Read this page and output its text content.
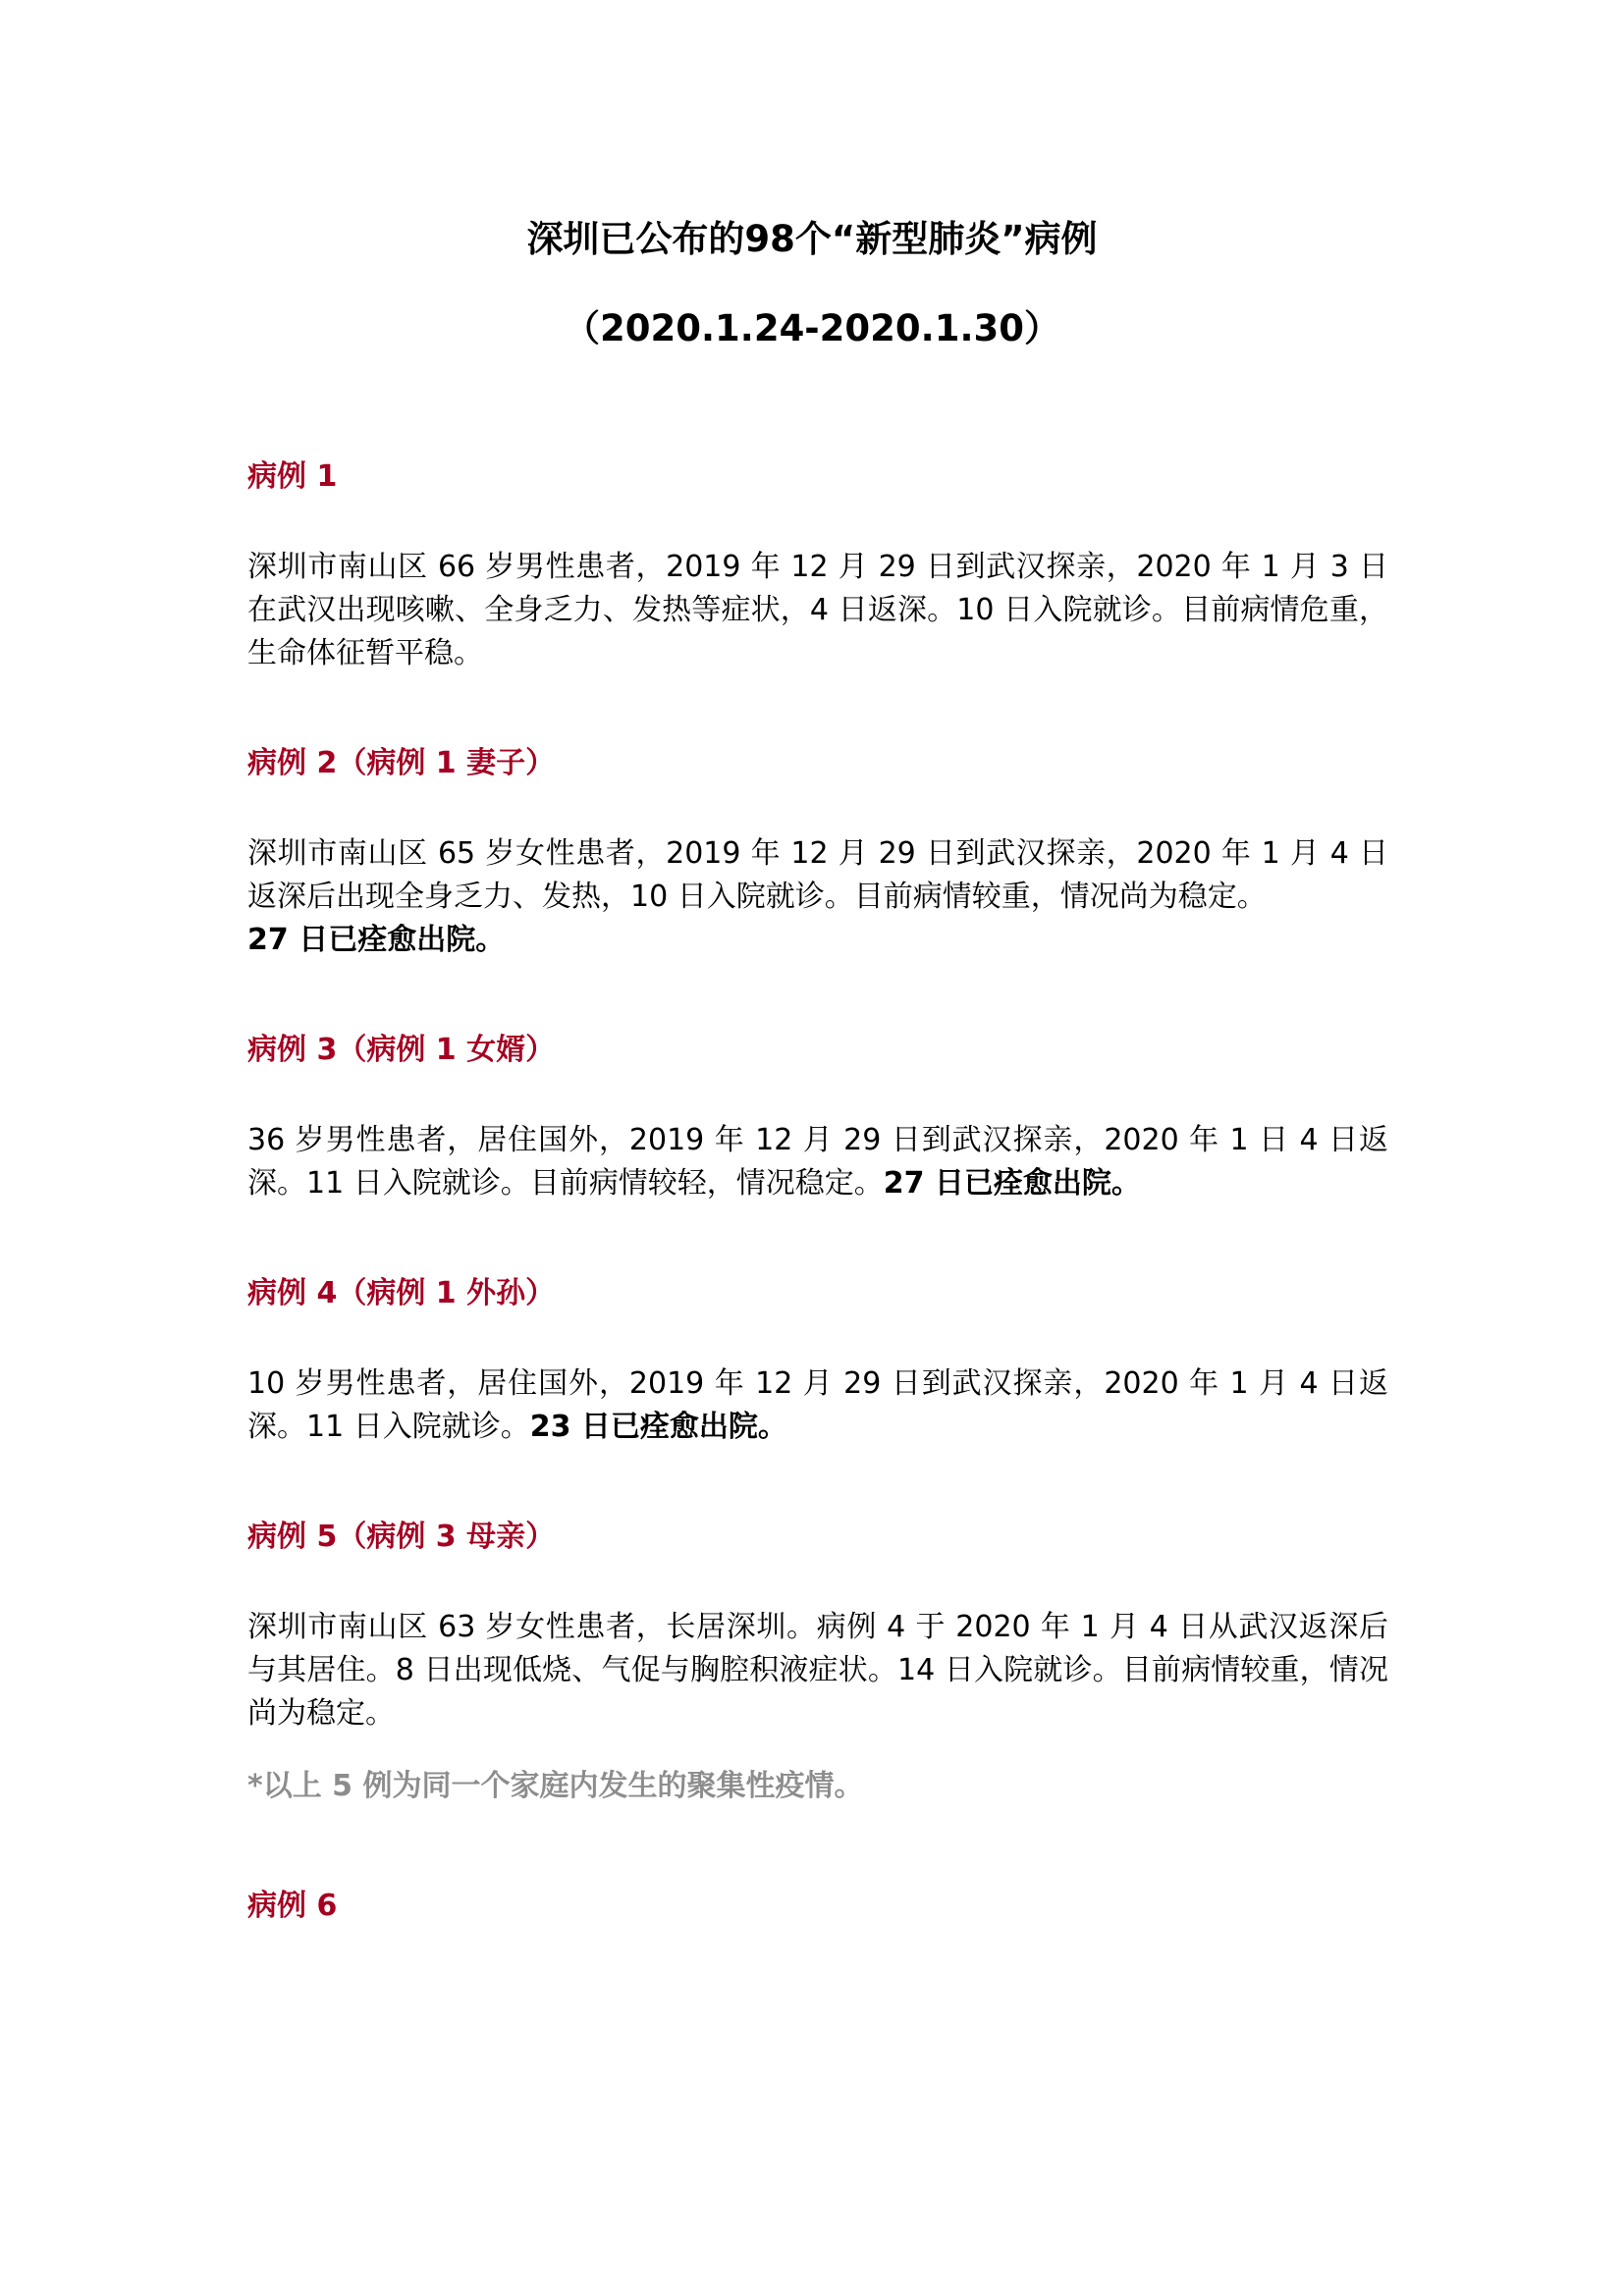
深圳已公布的98个“新型肺炎”病例
（2020.1.24-2020.1.30）

病例 1

深圳市南山区 66 岁男性患者，2019 年 12 月 29 日到武汉探亲，2020 年 1 月 3 日在武汉出现咳嗽、全身乏力、发热等症状，4 日返深。10 日入院就诊。目前病情危重，生命体征暂平稳。

病例 2（病例 1 妻子）

深圳市南山区 65 岁女性患者，2019 年 12 月 29 日到武汉探亲，2020 年 1 月 4 日返深后出现全身乏力、发热，10 日入院就诊。目前病情较重，情况尚为稳定。
27 日已痊愈出院。

病例 3（病例 1 女婿）

36 岁男性患者，居住国外，2019 年 12 月 29 日到武汉探亲，2020 年 1 日 4 日返深。11 日入院就诊。目前病情较轻，情况稳定。27 日已痊愈出院。

病例 4（病例 1 外孙）

10 岁男性患者，居住国外，2019 年 12 月 29 日到武汉探亲，2020 年 1 月 4 日返深。11 日入院就诊。23 日已痊愈出院。

病例 5（病例 3 母亲）

深圳市南山区 63 岁女性患者，长居深圳。病例 4 于 2020 年 1 月 4 日从武汉返深后与其居住。8 日出现低烧、气促与胸腔积液症状。14 日入院就诊。目前病情较重，情况尚为稳定。

*以上 5 例为同一个家庭内发生的聚集性疫情。

病例 6
